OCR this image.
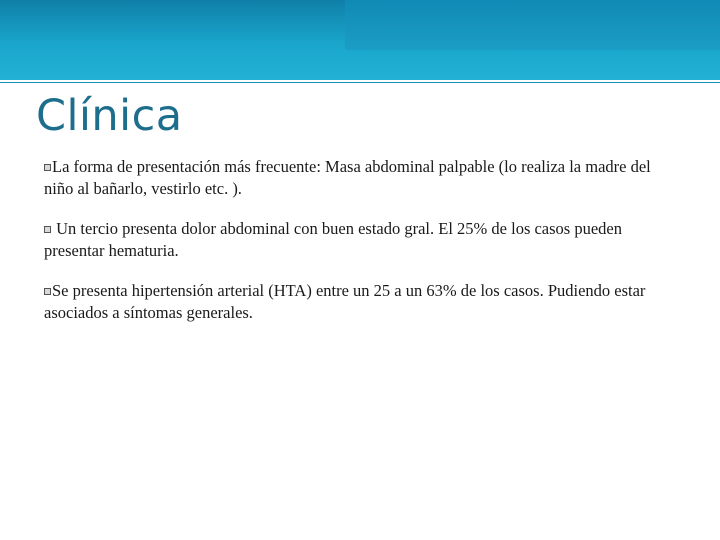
Clínica

La forma de presentación más frecuente: Masa abdominal palpable (lo realiza la madre del niño al bañarlo, vestirlo etc. ).

Un tercio presenta dolor abdominal con buen estado gral. El 25% de los casos pueden presentar hematuria.

Se presenta hipertensión arterial (HTA) entre un 25 a un 63% de los casos. Pudiendo estar asociados a síntomas generales.
